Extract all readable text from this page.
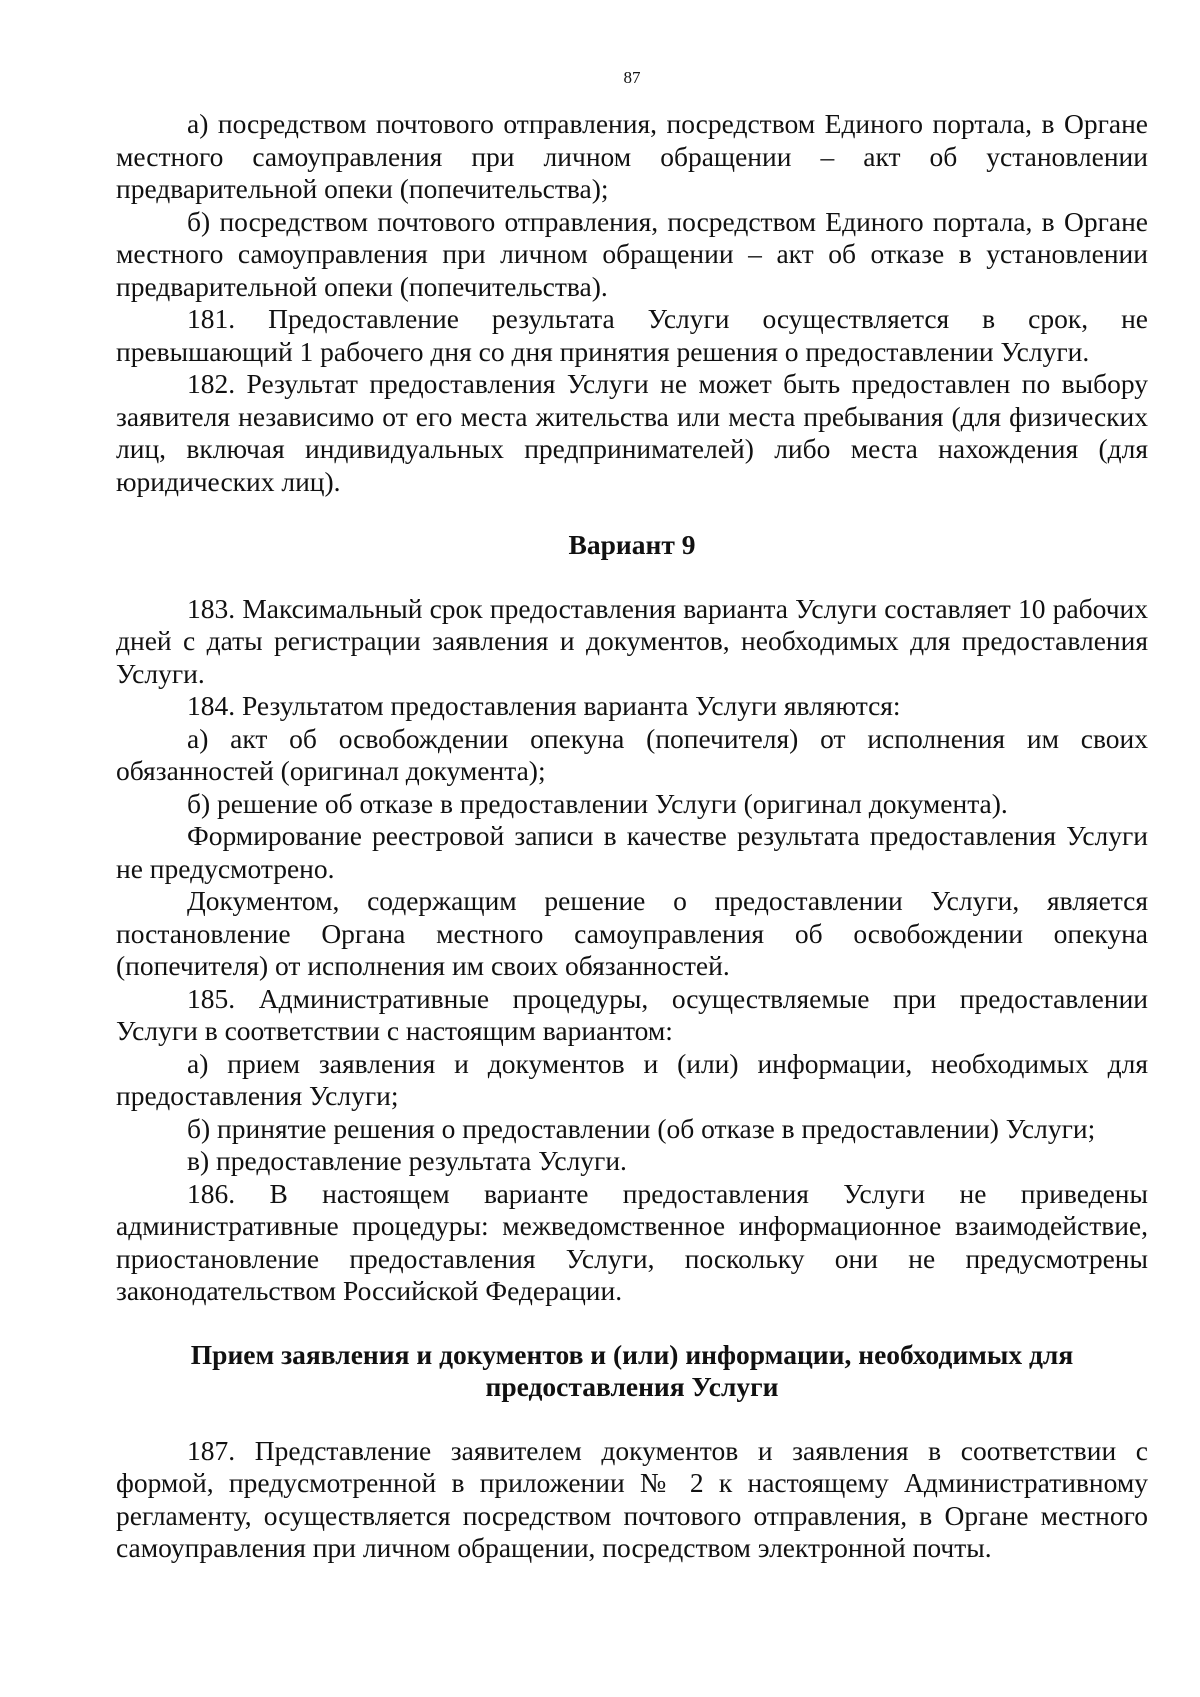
87

а) посредством почтового отправления, посредством Единого портала, в Органе местного самоуправления при личном обращении – акт об установлении предварительной опеки (попечительства);

б) посредством почтового отправления, посредством Единого портала, в Органе местного самоуправления при личном обращении – акт об отказе в установлении предварительной опеки (попечительства).

181. Предоставление результата Услуги осуществляется в срок, не превышающий 1 рабочего дня со дня принятия решения о предоставлении Услуги.

182. Результат предоставления Услуги не может быть предоставлен по выбору заявителя независимо от его места жительства или места пребывания (для физических лиц, включая индивидуальных предпринимателей) либо места нахождения (для юридических лиц).

Вариант 9

183. Максимальный срок предоставления варианта Услуги составляет 10 рабочих дней с даты регистрации заявления и документов, необходимых для предоставления Услуги.

184. Результатом предоставления варианта Услуги являются:

а) акт об освобождении опекуна (попечителя) от исполнения им своих обязанностей (оригинал документа);

б) решение об отказе в предоставлении Услуги (оригинал документа).

Формирование реестровой записи в качестве результата предоставления Услуги не предусмотрено.

Документом, содержащим решение о предоставлении Услуги, является постановление Органа местного самоуправления об освобождении опекуна (попечителя) от исполнения им своих обязанностей.

185. Административные процедуры, осуществляемые при предоставлении Услуги в соответствии с настоящим вариантом:

а) прием заявления и документов и (или) информации, необходимых для предоставления Услуги;

б) принятие решения о предоставлении (об отказе в предоставлении) Услуги;

в) предоставление результата Услуги.

186. В настоящем варианте предоставления Услуги не приведены административные процедуры: межведомственное информационное взаимодействие, приостановление предоставления Услуги, поскольку они не предусмотрены законодательством Российской Федерации.

Прием заявления и документов и (или) информации, необходимых для
предоставления Услуги

187. Представление заявителем документов и заявления в соответствии с формой, предусмотренной в приложении № 2 к настоящему Административному регламенту, осуществляется посредством почтового отправления, в Органе местного самоуправления при личном обращении, посредством электронной почты.
